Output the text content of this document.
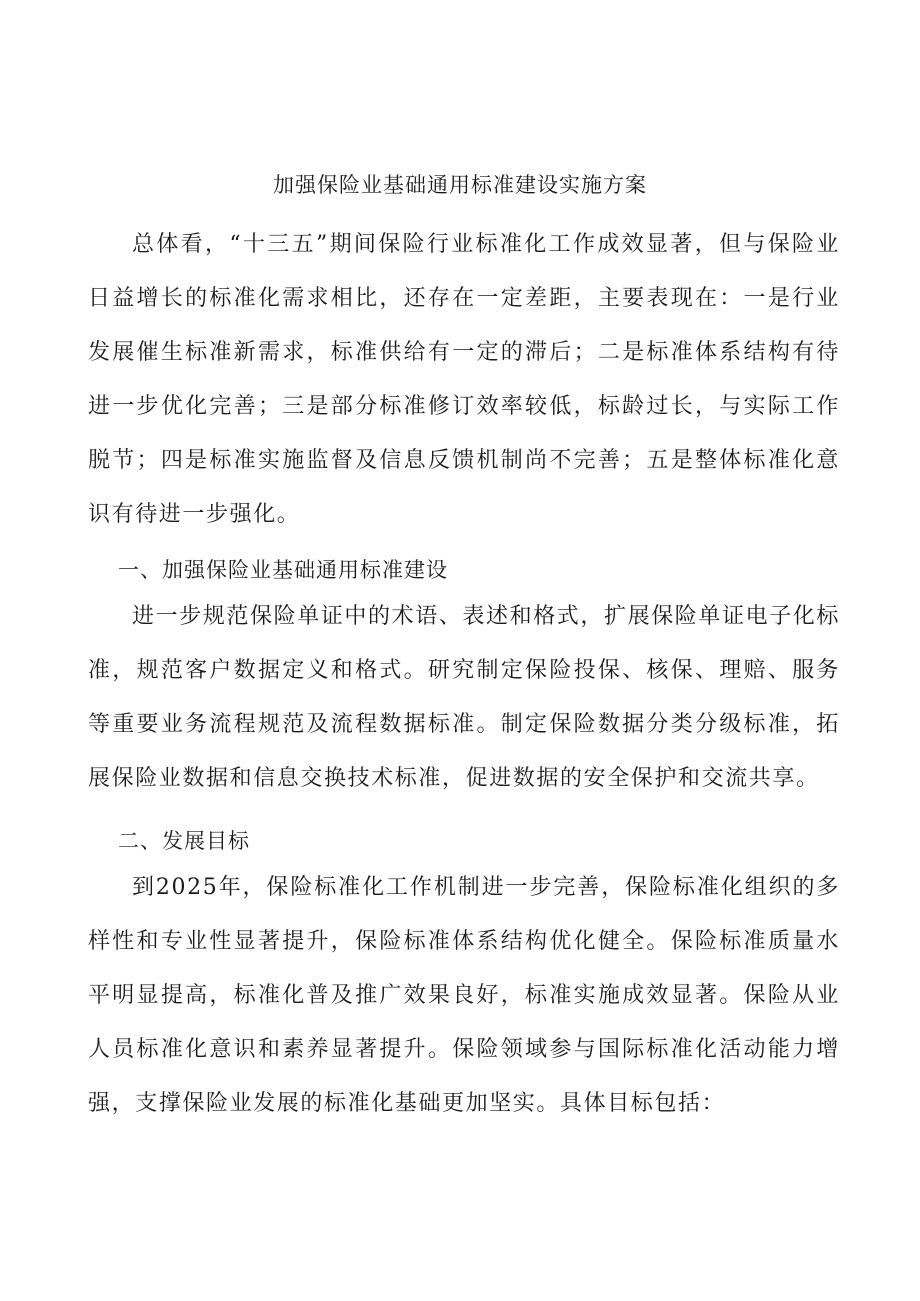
加强保险业基础通用标准建设实施方案

总体看，“十三五”期间保险行业标准化工作成效显著，但与保险业日益增长的标准化需求相比，还存在一定差距，主要表现在：一是行业发展催生标准新需求，标准供给有一定的滞后；二是标准体系结构有待进一步优化完善；三是部分标准修订效率较低，标龄过长，与实际工作脱节；四是标准实施监督及信息反馈机制尚不完善；五是整体标准化意识有待进一步强化。

一、加强保险业基础通用标准建设

进一步规范保险单证中的术语、表述和格式，扩展保险单证电子化标准，规范客户数据定义和格式。研究制定保险投保、核保、理赔、服务等重要业务流程规范及流程数据标准。制定保险数据分类分级标准，拓展保险业数据和信息交换技术标准，促进数据的安全保护和交流共享。

二、发展目标

到2025年，保险标准化工作机制进一步完善，保险标准化组织的多样性和专业性显著提升，保险标准体系结构优化健全。保险标准质量水平明显提高，标准化普及推广效果良好，标准实施成效显著。保险从业人员标准化意识和素养显著提升。保险领域参与国际标准化活动能力增强，支撑保险业发展的标准化基础更加坚实。具体目标包括：
